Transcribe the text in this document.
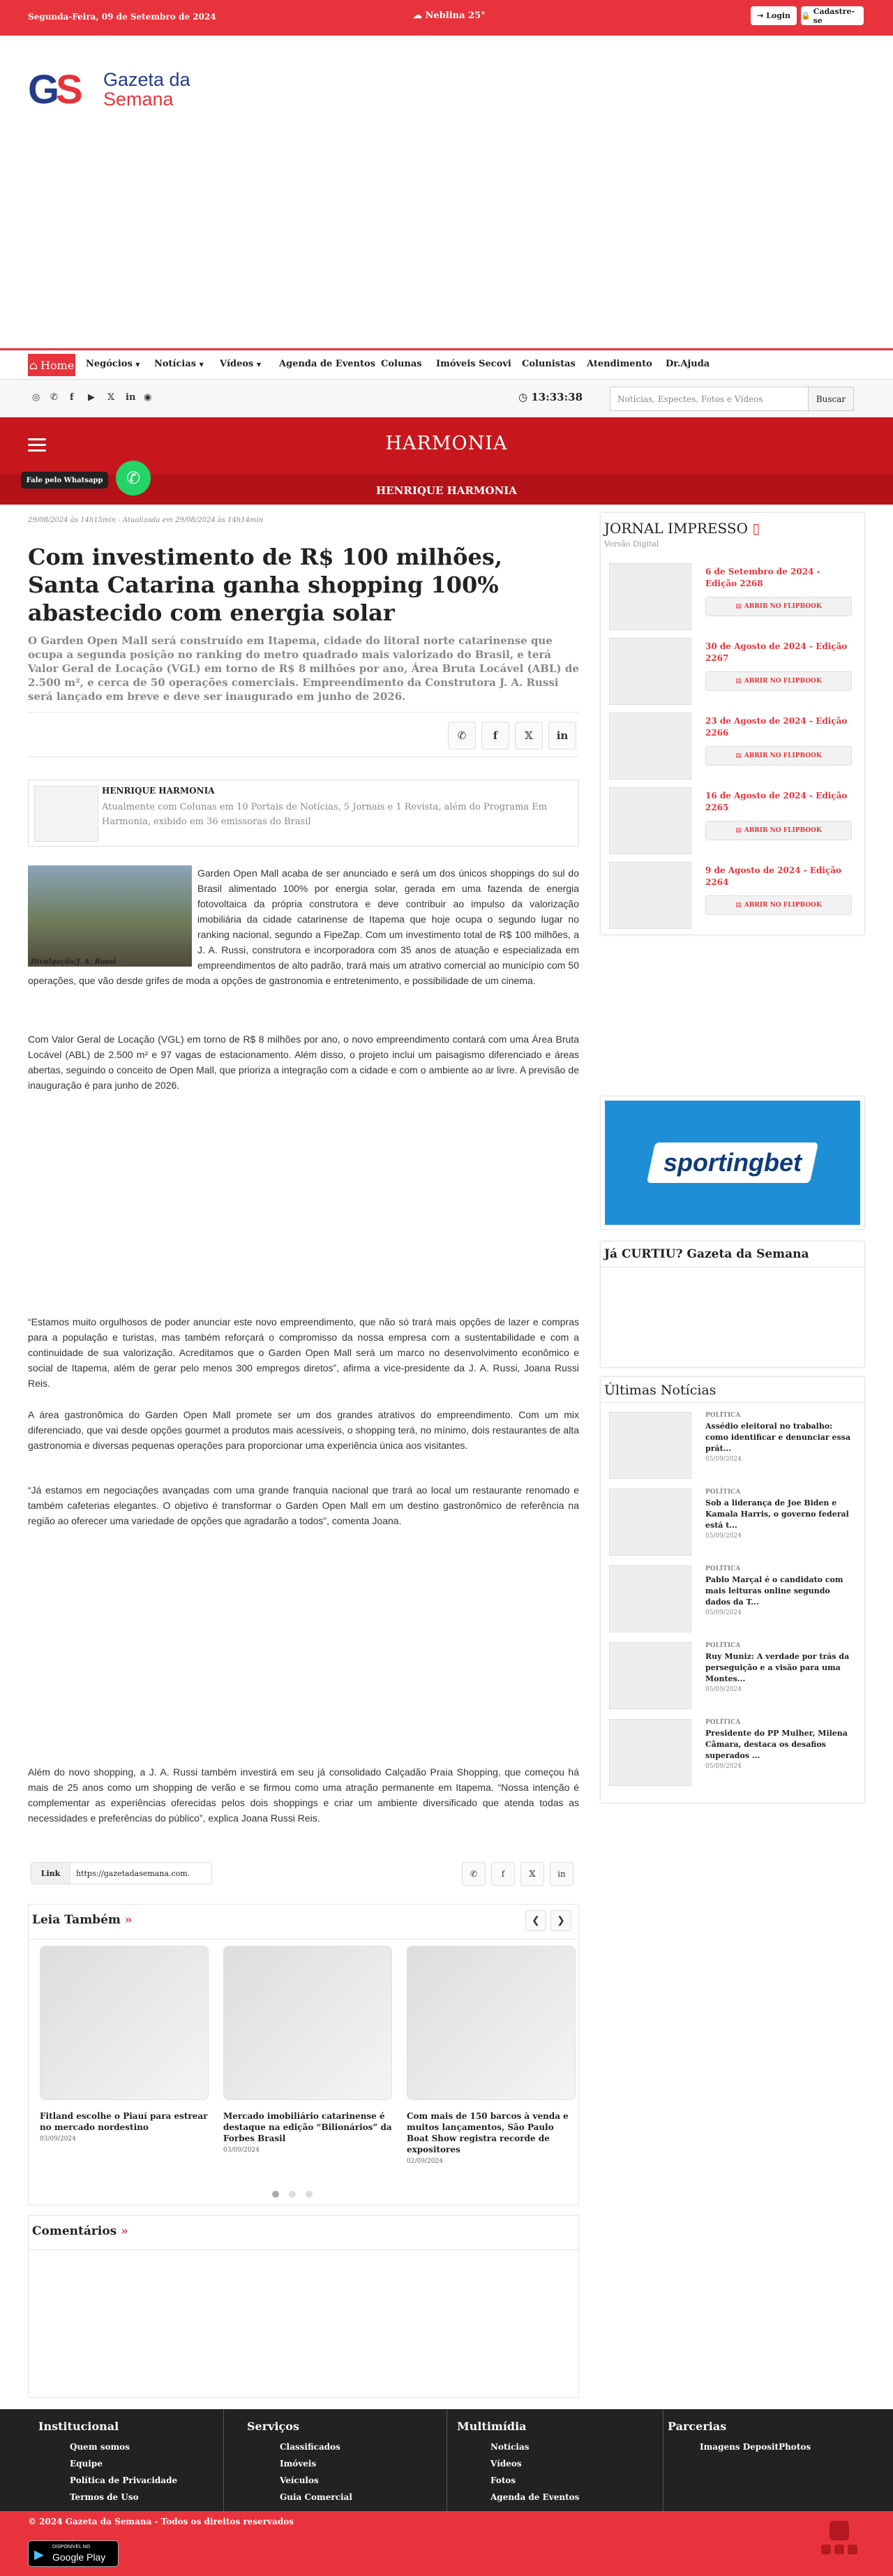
Segunda-Feira, 09 de Setembro de 2024	☁ Neblina 25°	⇥ Login 🔒 Cadastre-se
G
S Gazeta da
Semana
⌂ Home Negócios ▼ Notícias ▼ Vídeos ▼ Agenda de Eventos Colunas Imóveis Secovi Colunistas Atendimento Dr.Ajuda
◎ ✆ f ▶ 𝕏 in ◉	◷ 13:33:38	Notícias, Espectes, Fotos e Vídeos	Buscar
HARMONIA
HENRIQUE HARMONIA
Fale pelo Whatsapp	✆
29/08/2024 às 14h15min - Atualizada em 29/08/2024 às 14h14min
Com investimento de R$ 100 milhões, Santa Catarina ganha shopping 100% abastecido com energia solar
O Garden Open Mall será construído em Itapema, cidade do litoral norte catarinense que ocupa a segunda posição no ranking do metro quadrado mais valorizado do Brasil, e terá Valor Geral de Locação (VGL) em torno de R$ 8 milhões por ano, Área Bruta Locável (ABL) de 2.500 m², e cerca de 50 operações comerciais. Empreendimento da Construtora J. A. Russi será lançado em breve e deve ser inaugurado em junho de 2026.
✆	f	𝕏 in
HENRIQUE HARMONIA
Atualmente com Colunas em 10 Portais de Notícias, 5 Jornais e 1 Revista, além do Programa Em Harmonia, exibido em 36 emissoras do Brasil
Divulgação/J. A. Russi
Garden Open Mall acaba de ser anunciado e será um dos únicos shoppings do sul do Brasil alimentado 100% por energia solar, gerada em uma fazenda de energia fotovoltaica da própria construtora e deve contribuir ao impulso da valorização imobiliária da cidade catarinense de Itapema que hoje ocupa o segundo lugar no ranking nacional, segundo a FipeZap. Com um investimento total de R$ 100 milhões, a J. A. Russi, construtora e incorporadora com 35 anos de atuação e especializada em empreendimentos de alto padrão, trará mais um atrativo comercial ao município com 50 operações, que vão desde grifes de moda a opções de gastronomia e entretenimento, e possibilidade de um cinema.
Com Valor Geral de Locação (VGL) em torno de R$ 8 milhões por ano, o novo empreendimento contará com uma Área Bruta Locável (ABL) de 2.500 m² e 97 vagas de estacionamento. Além disso, o projeto inclui um paisagismo diferenciado e áreas abertas, seguindo o conceito de Open Mall, que prioriza a integração com a cidade e com o ambiente ao ar livre. A previsão de inauguração é para junho de 2026.
“Estamos muito orgulhosos de poder anunciar este novo empreendimento, que não só trará mais opções de lazer e compras para a população e turistas, mas também reforçará o compromisso da nossa empresa com a sustentabilidade e com a continuidade de sua valorização. Acreditamos que o Garden Open Mall será um marco no desenvolvimento econômico e social de Itapema, além de gerar pelo menos 300 empregos diretos”, afirma a vice-presidente da J. A. Russi, Joana Russi Reis.
A área gastronômica do Garden Open Mall promete ser um dos grandes atrativos do empreendimento. Com um mix diferenciado, que vai desde opções gourmet a produtos mais acessíveis, o shopping terá, no mínimo, dois restaurantes de alta gastronomia e diversas pequenas operações para proporcionar uma experiência única aos visitantes.
“Já estamos em negociações avançadas com uma grande franquia nacional que trará ao local um restaurante renomado e também cafeterias elegantes. O objetivo é transformar o Garden Open Mall em um destino gastronômico de referência na região ao oferecer uma variedade de opções que agradarão a todos”, comenta Joana.
Além do novo shopping, a J. A. Russi também investirá em seu já consolidado Calçadão Praia Shopping, que começou há mais de 25 anos como um shopping de verão e se firmou como uma atração permanente em Itapema. “Nossa intenção é complementar as experiências oferecidas pelos dois shoppings e criar um ambiente diversificado que atenda todas as necessidades e preferências do público”, explica Joana Russi Reis.
Link	https://gazetadasemana.com.	✆	f	𝕏	in
Leia Também »	❮ ❯
Fitland escolhe o Piauí para estrear no mercado nordestino
03/09/2024
Mercado imobiliário catarinense é destaque na edição “Bilionários” da Forbes Brasil
03/09/2024
Com mais de 150 barcos à venda e muitos lançamentos, São Paulo Boat Show registra recorde de expositores
02/09/2024
Comentários »
JORNAL IMPRESSO ▯
Versão Digital
6 de Setembro de 2024 - Edição 2268
▤ ABRIR NO FLIPBOOK
30 de Agosto de 2024 - Edição 2267
▤ ABRIR NO FLIPBOOK
23 de Agosto de 2024 - Edição 2266
▤ ABRIR NO FLIPBOOK
16 de Agosto de 2024 - Edição 2265
▤ ABRIR NO FLIPBOOK
9 de Agosto de 2024 - Edição 2264
▤ ABRIR NO FLIPBOOK
sportingbet
Já CURTIU? Gazeta da Semana
Últimas Notícias
POLÍTICA
Assédio eleitoral no trabalho: como identificar e denunciar essa prát...
05/09/2024
POLÍTICA
Sob a liderança de Joe Biden e Kamala Harris, o governo federal está t...
05/09/2024
POLÍTICA
Pablo Marçal é o candidato com mais leituras online segundo dados da T...
05/09/2024
POLÍTICA
Ruy Muniz: A verdade por trás da perseguição e a visão para uma Montes...
05/09/2024
POLÍTICA
Presidente do PP Mulher, Milena Câmara, destaca os desafios superados ...
05/09/2024
Institucional
Quem somos
Equipe
Política de Privacidade
Termos de Uso
Serviços
Classificados
Imóveis
Veículos
Guia Comercial
Multimídia
Notícias
Vídeos
Fotos
Agenda de Eventos
Parcerias
Imagens DepositPhotos
© 2024 Gazeta da Semana - Todos os direitos reservados
▶
DISPONÍVEL NO
Google Play
